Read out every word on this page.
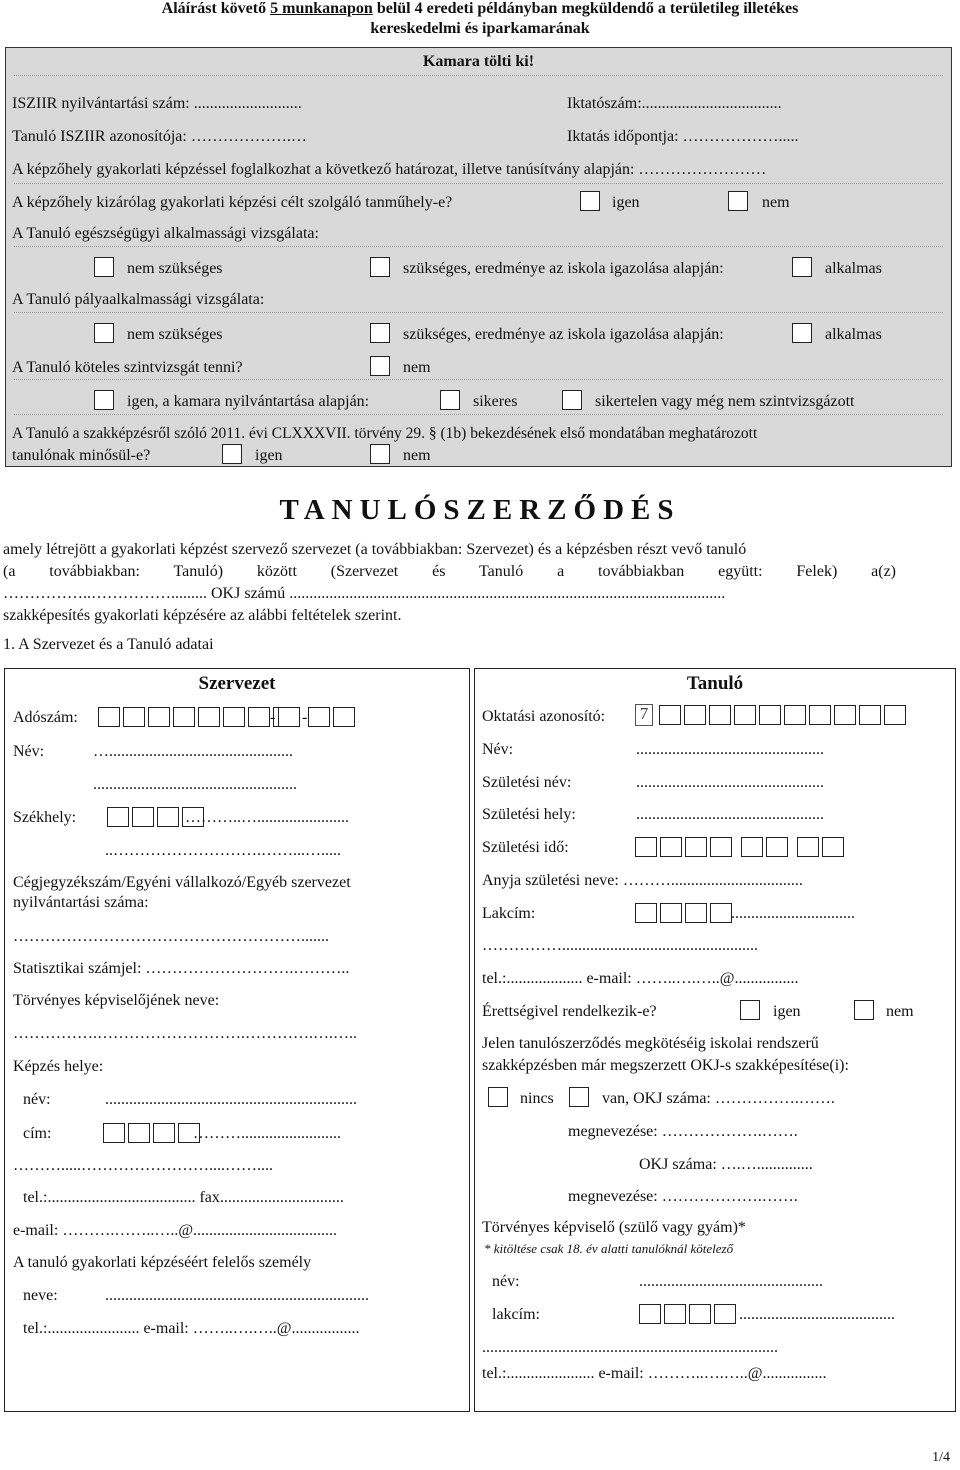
Aláírást követő 5 munkanapon belül 4 eredeti példányban megküldendő a területileg illetékes
kereskedelmi és iparkamarának
Kamara tölti ki!
ISZIIR nyilvántartási szám: ...........................	Iktatószám:...................................
Tanuló ISZIIR azonosítója: ……………….…	Iktatás időpontja: ……………….....
A képzőhely gyakorlati képzéssel foglalkozhat a következő határozat, illetve tanúsítvány alapján: ……………………
A képzőhely kizárólag gyakorlati képzési célt szolgáló tanműhely-e?	igen	nem
A Tanuló egészségügyi alkalmassági vizsgálata:
nem szükséges	szükséges, eredménye az iskola igazolása alapján:	alkalmas
A Tanuló pályaalkalmassági vizsgálata:
nem szükséges	szükséges, eredménye az iskola igazolása alapján:	alkalmas
A Tanuló köteles szintvizsgát tenni?	nem
igen, a kamara nyilvántartása alapján:	sikeres	sikertelen vagy még nem szintvizsgázott
A Tanuló a szakképzésről szóló 2011. évi CLXXXVII. törvény 29. § (1b) bekezdésének első mondatában meghatározott
tanulónak minősül-e?	igen	nem
TANULÓSZERZŐDÉS
amely létrejött a gyakorlati képzést szervező szervezet (a továbbiakban: Szervezet) és a képzésben részt vevő tanuló
(a továbbiakban: Tanuló) között (Szervezet és Tanuló a továbbiakban együtt: Felek) a(z)
……………..……………......... OKJ számú .............................................................................................................
szakképesítés gyakorlati képzésére az alábbi feltételek szerint.
1. A Szervezet és a Tanuló adatai
Szervezet
Adószám:	- -
Név:	…..............................................
...................................................
Székhely:	………..….......................
..……………………….……...….....
Cégjegyzékszám/Egyéni vállalkozó/Egyéb szervezet
nyilvántartási száma:
……………………………………………….......
Statisztikai számjel: ……………………….………..
Törvényes képviselőjének neve:
…………….……………………….………….….…..
Képzés helye:
név:	...............................................................
cím:	……….........................
……….....……………………....……....
tel.:..................................... fax...............................
e-mail: ……….……..…..@....................................
A tanuló gyakorlati képzéséért felelős személy
neve:	..................................................................
tel.:....................... e-mail: ……..….…..@.................
Tanuló
Oktatási azonosító: 7
Név:	...............................................
Születési név:	...............................................
Születési hely:	...............................................
Születési idő:
Anyja születési neve: ……….................................
Lakcím:	...............................
…………….................................................
tel.:................... e-mail: ……..….…..@................
Érettségivel rendelkezik-e?	igen	nem
Jelen tanulószerződés megkötéséig iskolai rendszerű
szakképzésben már megszerzett OKJ-s szakképesítése(i):
nincs	van, OKJ száma: …………….…….
megnevezése: ……………….…….
OKJ száma: ….…..............
megnevezése: ……………….…….
Törvényes képviselő (szülő vagy gyám)*
* kitöltése csak 18. év alatti tanulóknál kötelező
név:	..............................................
lakcím:	.......................................
..........................................................................
tel.:...................... e-mail: ………..….…..@................
1/4
